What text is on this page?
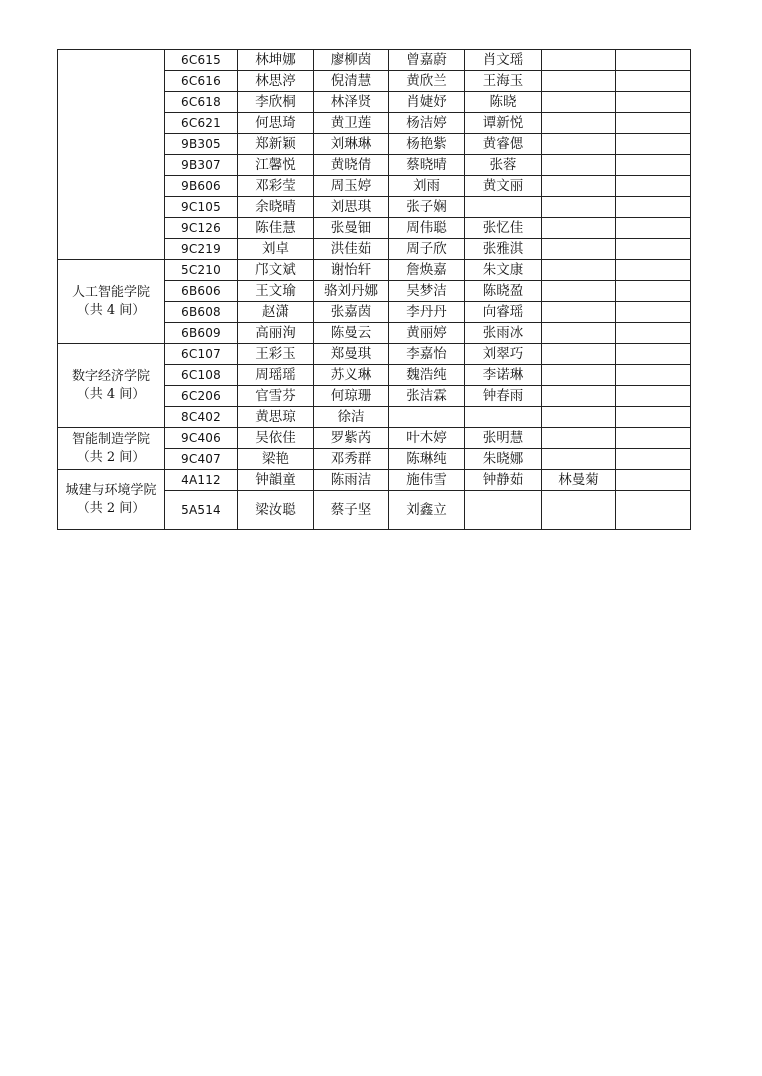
	6C615	林坤娜	廖柳茵	曾嘉蔚	肖文瑶		
	6C616	林思渟	倪清慧	黄欣兰	王海玉		
	6C618	李欣桐	林泽贤	肖婕妤	陈晓		
	6C621	何思琦	黄卫莲	杨洁婷	谭新悦		
	9B305	郑新颖	刘琳琳	杨艳紫	黄睿偲		
	9B307	江馨悦	黄晓倩	蔡晓晴	张蓉		
	9B606	邓彩莹	周玉婷	刘雨	黄文丽		
	9C105	余晓晴	刘思琪	张子娴			
	9C126	陈佳慧	张曼钿	周伟聪	张忆佳		
	9C219	刘卓	洪佳茹	周子欣	张雅淇		

人工智能学院
（共 4 间）	5C210	邝文斌	谢怡轩	詹焕嘉	朱文康		
	6B606	王文瑜	骆刘丹娜	吴梦洁	陈晓盈		
	6B608	赵潇	张嘉茵	李丹丹	向睿瑶		
	6B609	高丽洵	陈曼云	黄丽婷	张雨冰		

数字经济学院
（共 4 间）	6C107	王彩玉	郑曼琪	李嘉怡	刘翠巧		
	6C108	周瑶瑶	苏义琳	魏浩纯	李诺琳		
	6C206	官雪芬	何琼珊	张洁霖	钟春雨		
	8C402	黄思琼	徐洁				

智能制造学院
（共 2 间）	9C406	吴依佳	罗紫芮	叶木婷	张明慧		
	9C407	梁艳	邓秀群	陈琳纯	朱晓娜		

城建与环境学院
（共 2 间）	4A112	钟韻童	陈雨洁	施伟雪	钟静茹	林曼菊	
	5A514	梁汝聪	蔡子坚	刘鑫立			
